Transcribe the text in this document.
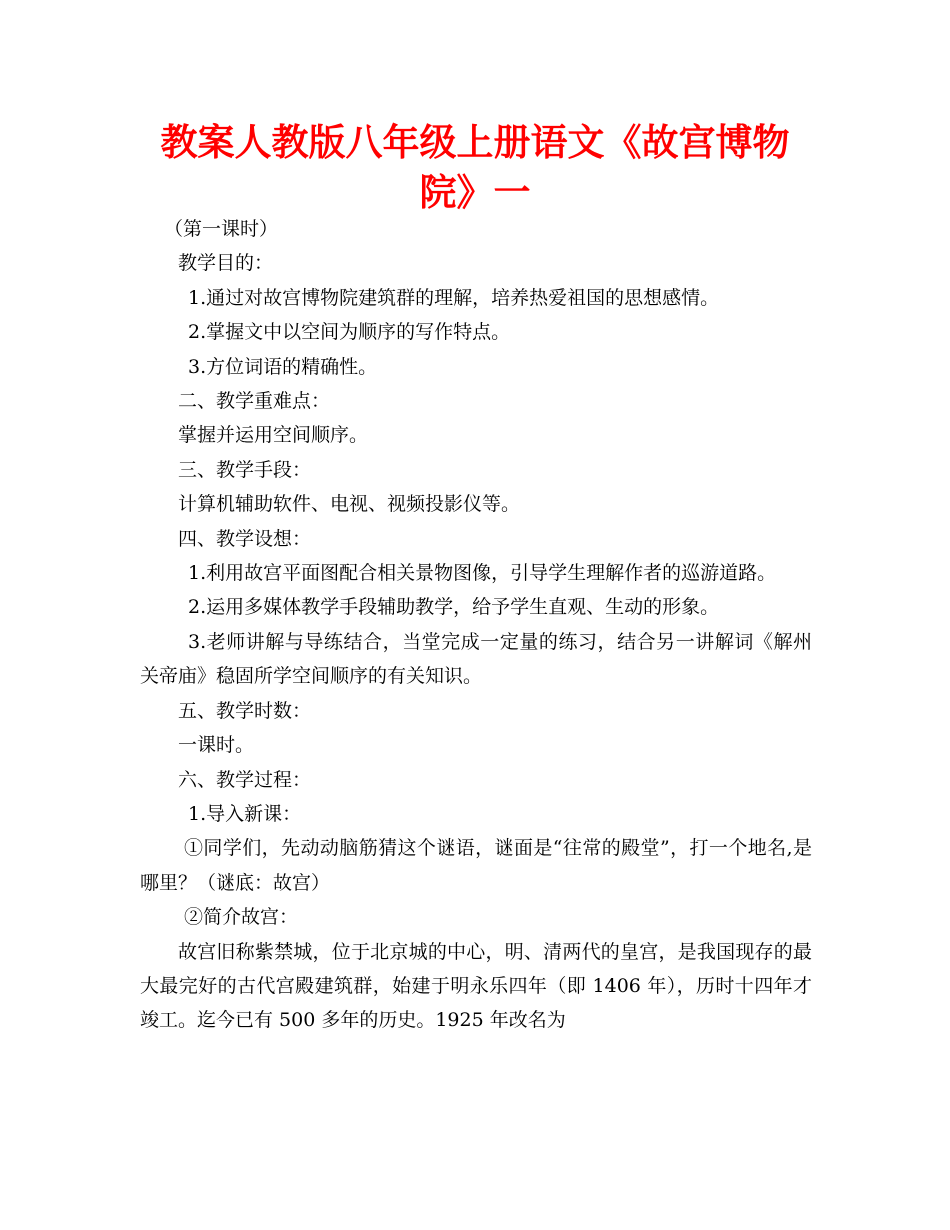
教案人教版八年级上册语文《故宫博物院》一

（第一课时）

教学目的：

1.通过对故宫博物院建筑群的理解，培养热爱祖国的思想感情。

2.掌握文中以空间为顺序的写作特点。

3.方位词语的精确性。

二、教学重难点：

掌握并运用空间顺序。

三、教学手段：

计算机辅助软件、电视、视频投影仪等。

四、教学设想：

1.利用故宫平面图配合相关景物图像，引导学生理解作者的巡游道路。

2.运用多媒体教学手段辅助教学，给予学生直观、生动的形象。

3.老师讲解与导练结合，当堂完成一定量的练习，结合另一讲解词《解州关帝庙》稳固所学空间顺序的有关知识。

五、教学时数：

一课时。

六、教学过程：

1.导入新课：

①同学们，先动动脑筋猜这个谜语，谜面是“往常的殿堂”，打一个地名,是哪里？（谜底：故宫）

②简介故宫：

故宫旧称紫禁城，位于北京城的中心，明、清两代的皇宫，是我国现存的最大最完好的古代宫殿建筑群，始建于明永乐四年（即 1406 年），历时十四年才竣工。迄今已有 500 多年的历史。1925 年改名为
